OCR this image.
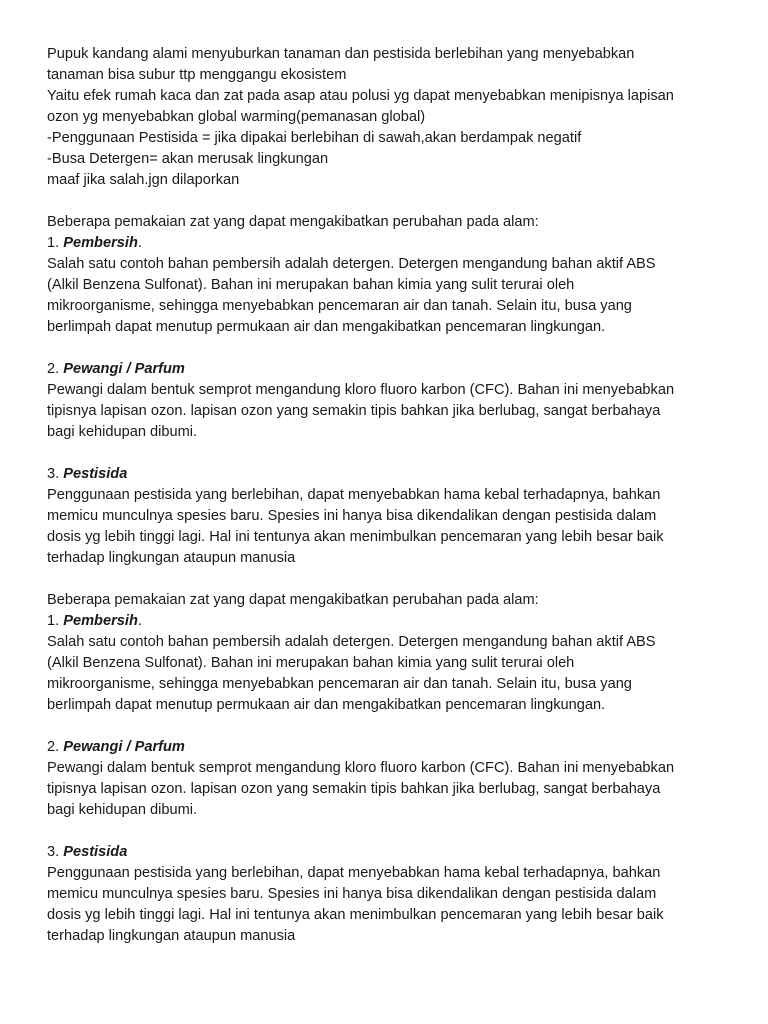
Pupuk kandang alami menyuburkan tanaman dan pestisida berlebihan yang menyebabkan
tanaman bisa subur ttp menggangu ekosistem
Yaitu efek rumah kaca dan zat pada asap atau polusi yg dapat menyebabkan menipisnya lapisan
ozon yg menyebabkan global warming(pemanasan global)
-Penggunaan Pestisida = jika dipakai berlebihan di sawah,akan berdampak negatif
-Busa Detergen= akan merusak lingkungan
maaf jika salah.jgn dilaporkan
Beberapa pemakaian zat yang dapat mengakibatkan perubahan pada alam:
1. Pembersih.
Salah satu contoh bahan pembersih adalah detergen. Detergen mengandung bahan aktif ABS
(Alkil Benzena Sulfonat). Bahan ini merupakan bahan kimia yang sulit terurai oleh
mikroorganisme, sehingga menyebabkan pencemaran air dan tanah. Selain itu, busa yang
berlimpah dapat menutup permukaan air dan mengakibatkan pencemaran lingkungan.
2. Pewangi / Parfum
Pewangi dalam bentuk semprot mengandung kloro fluoro karbon (CFC). Bahan ini menyebabkan
tipisnya lapisan ozon. lapisan ozon yang semakin tipis bahkan jika berlubag, sangat berbahaya
bagi kehidupan dibumi.
3. Pestisida
Penggunaan pestisida yang berlebihan, dapat menyebabkan hama kebal terhadapnya, bahkan
memicu munculnya spesies baru. Spesies ini hanya bisa dikendalikan dengan pestisida dalam
dosis yg lebih tinggi lagi. Hal ini tentunya akan menimbulkan pencemaran yang lebih besar baik
terhadap lingkungan ataupun manusia
Beberapa pemakaian zat yang dapat mengakibatkan perubahan pada alam:
1. Pembersih.
Salah satu contoh bahan pembersih adalah detergen. Detergen mengandung bahan aktif ABS
(Alkil Benzena Sulfonat). Bahan ini merupakan bahan kimia yang sulit terurai oleh
mikroorganisme, sehingga menyebabkan pencemaran air dan tanah. Selain itu, busa yang
berlimpah dapat menutup permukaan air dan mengakibatkan pencemaran lingkungan.
2. Pewangi / Parfum
Pewangi dalam bentuk semprot mengandung kloro fluoro karbon (CFC). Bahan ini menyebabkan
tipisnya lapisan ozon. lapisan ozon yang semakin tipis bahkan jika berlubag, sangat berbahaya
bagi kehidupan dibumi.
3. Pestisida
Penggunaan pestisida yang berlebihan, dapat menyebabkan hama kebal terhadapnya, bahkan
memicu munculnya spesies baru. Spesies ini hanya bisa dikendalikan dengan pestisida dalam
dosis yg lebih tinggi lagi. Hal ini tentunya akan menimbulkan pencemaran yang lebih besar baik
terhadap lingkungan ataupun manusia
